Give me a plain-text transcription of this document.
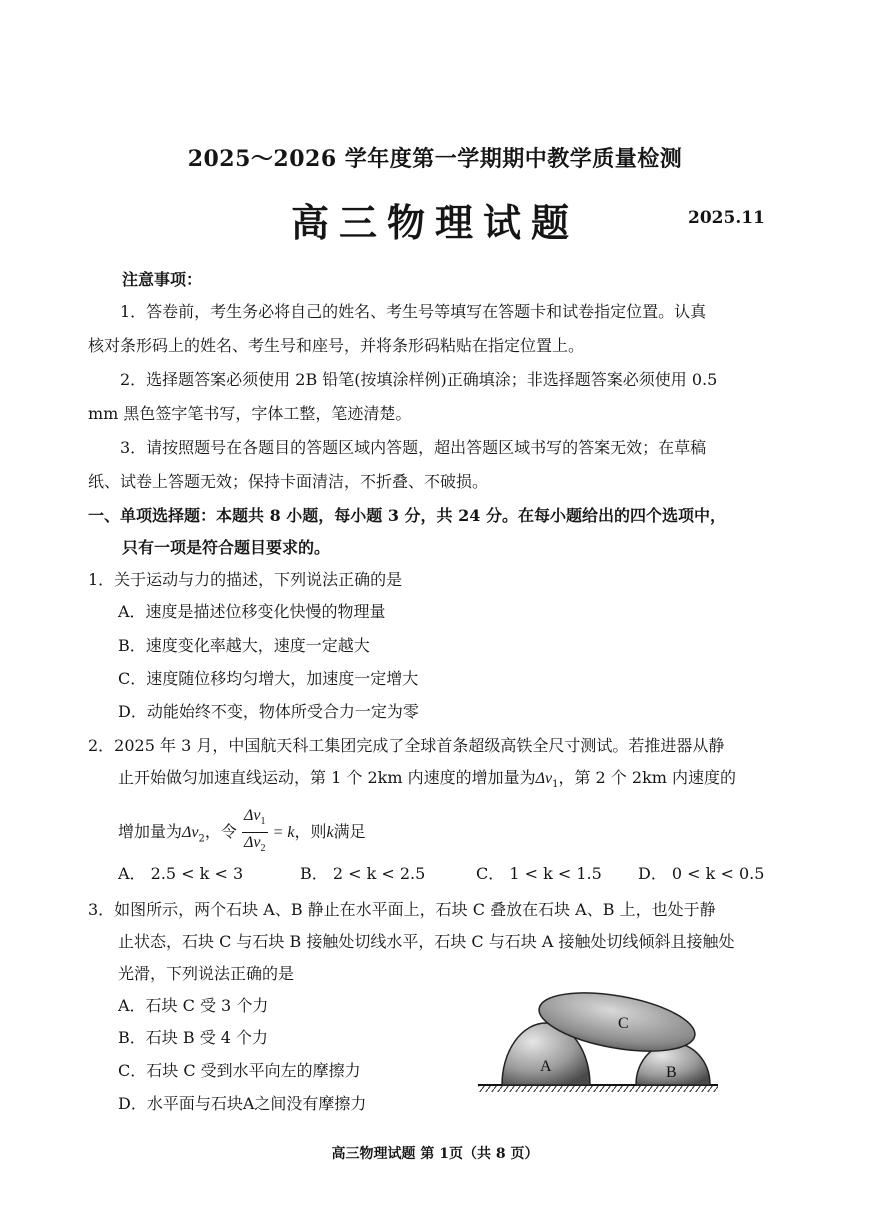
2025～2026 学年度第一学期期中教学质量检测
高三物理试题	2025.11
注意事项：
1．答卷前，考生务必将自己的姓名、考生号等填写在答题卡和试卷指定位置。认真
核对条形码上的姓名、考生号和座号，并将条形码粘贴在指定位置上。
2．选择题答案必须使用 2B 铅笔(按填涂样例)正确填涂；非选择题答案必须使用 0.5
mm 黑色签字笔书写，字体工整，笔迹清楚。
3．请按照题号在各题目的答题区域内答题，超出答题区域书写的答案无效；在草稿
纸、试卷上答题无效；保持卡面清洁，不折叠、不破损。
一、单项选择题：本题共 8 小题，每小题 3 分，共 24 分。在每小题给出的四个选项中，
只有一项是符合题目要求的。
1．关于运动与力的描述，下列说法正确的是
A．速度是描述位移变化快慢的物理量
B．速度变化率越大，速度一定越大
C．速度随位移均匀增大，加速度一定增大
D．动能始终不变，物体所受合力一定为零
2．2025 年 3 月，中国航天科工集团完成了全球首条超级高铁全尺寸测试。若推进器从静
止开始做匀加速直线运动，第 1 个 2km 内速度的增加量为$\Delta v_1$，第 2 个 2km 内速度的
增加量为$\Delta v_2$，令 $\frac{\Delta v_1}{\Delta v_2} = k$，则k满足
A． 2.5 < k < 3	B． 2 < k < 2.5	C． 1 < k < 1.5 D． 0 < k < 0.5
3．如图所示，两个石块 A、B 静止在水平面上，石块 C 叠放在石块 A、B 上，也处于静
止状态，石块 C 与石块 B 接触处切线水平，石块 C 与石块 A 接触处切线倾斜且接触处
光滑，下列说法正确的是
A．石块 C 受 3 个力
B．石块 B 受 4 个力
C．石块 C 受到水平向左的摩擦力
D．水平面与石块A之间没有摩擦力
A	B
C
高三物理试题 第 1页（共 8 页）
